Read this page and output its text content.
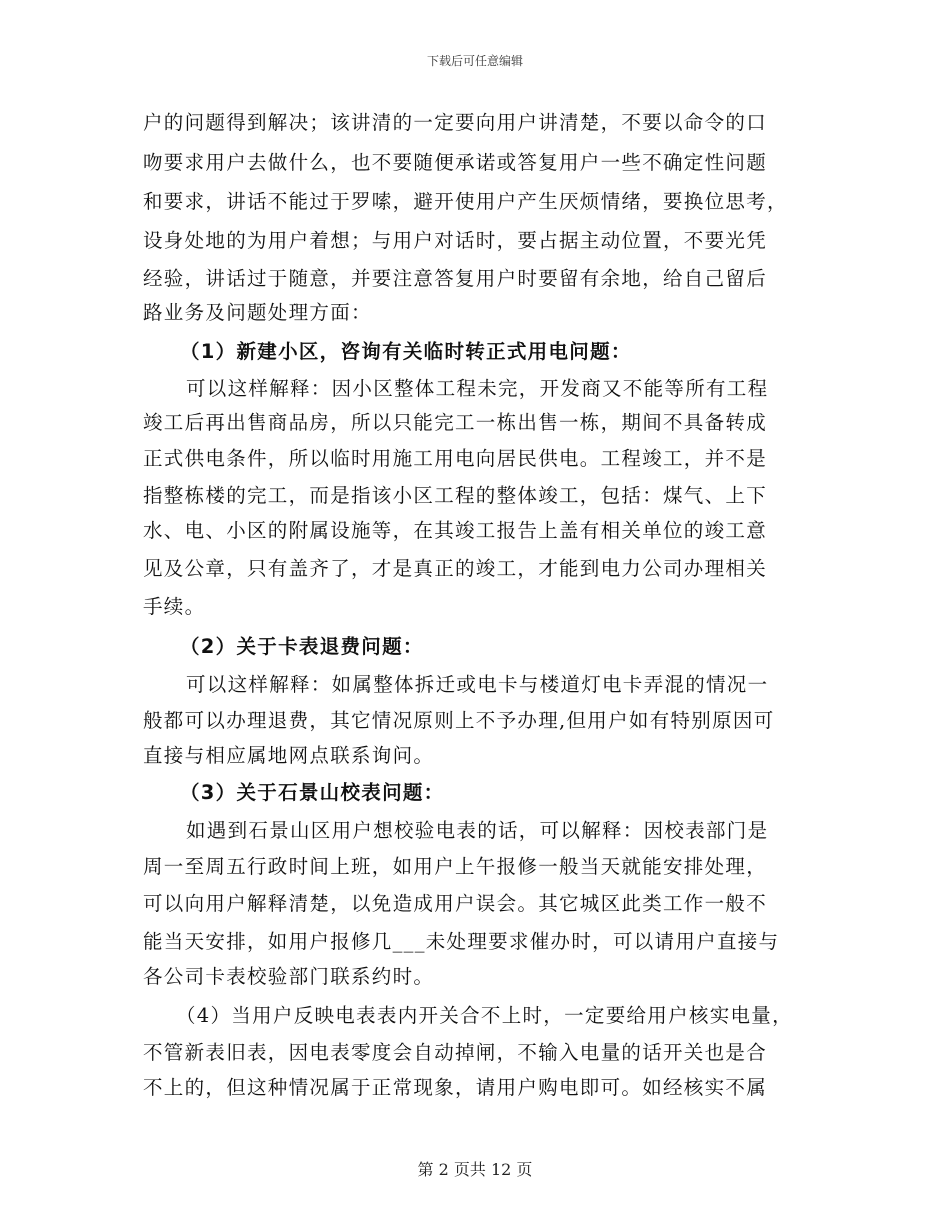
下载后可任意编辑
户的问题得到解决；该讲清的一定要向用户讲清楚，不要以命令的口
吻要求用户去做什么，也不要随便承诺或答复用户一些不确定性问题
和要求，讲话不能过于罗嗦，避开使用户产生厌烦情绪，要换位思考，
设身处地的为用户着想；与用户对话时，要占据主动位置，不要光凭
经验，讲话过于随意，并要注意答复用户时要留有余地，给自己留后
路业务及问题处理方面：
（1）新建小区，咨询有关临时转正式用电问题：
可以这样解释：因小区整体工程未完，开发商又不能等所有工程
竣工后再出售商品房，所以只能完工一栋出售一栋，期间不具备转成
正式供电条件，所以临时用施工用电向居民供电。工程竣工，并不是
指整栋楼的完工，而是指该小区工程的整体竣工，包括：煤气、上下
水、电、小区的附属设施等，在其竣工报告上盖有相关单位的竣工意
见及公章，只有盖齐了，才是真正的竣工，才能到电力公司办理相关
手续。
（2）关于卡表退费问题：
可以这样解释：如属整体拆迁或电卡与楼道灯电卡弄混的情况一
般都可以办理退费，其它情况原则上不予办理,但用户如有特别原因可
直接与相应属地网点联系询问。
（3）关于石景山校表问题：
如遇到石景山区用户想校验电表的话，可以解释：因校表部门是
周一至周五行政时间上班，如用户上午报修一般当天就能安排处理，
可以向用户解释清楚，以免造成用户误会。其它城区此类工作一般不
能当天安排，如用户报修几___未处理要求催办时，可以请用户直接与
各公司卡表校验部门联系约时。
（4）当用户反映电表表内开关合不上时，一定要给用户核实电量，
不管新表旧表，因电表零度会自动掉闸，不输入电量的话开关也是合
不上的，但这种情况属于正常现象，请用户购电即可。如经核实不属
第 2 页共 12 页
